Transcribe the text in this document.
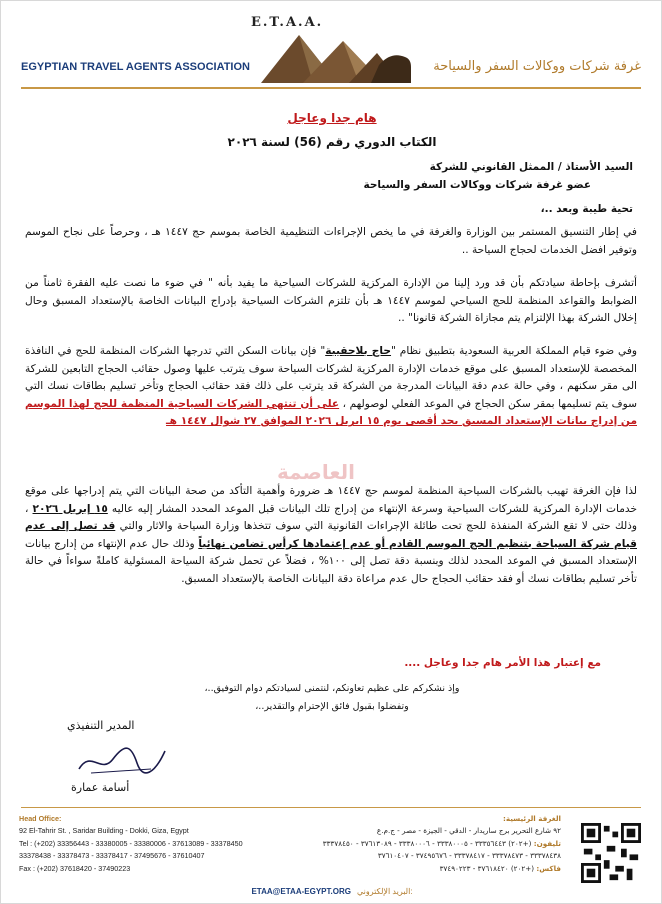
E.T.A.A.
EGYPTIAN TRAVEL AGENTS ASSOCIATION	غرفة شركات ووكالات السفر والسياحة
هام جدا وعاجل
الكتاب الدوري رقم (56) لسنة ٢٠٢٦
السيد الأستاذ / الممثل القانوني للشركة
عضو غرفة شركات ووكالات السفر والسياحة
تحية طيبة وبعد ..،
في إطار التنسيق المستمر بين الوزارة والغرفة في ما يخص الإجراءات التنظيمية الخاصة بموسم حج ١٤٤٧ هـ ، وحرصاً على نجاح الموسم وتوفير افضل الخدمات لحجاج السياحة ..
أتشرف بإحاطة سيادتكم بأن قد ورد إلينا من الإدارة المركزية للشركات السياحية ما يفيد بأنه " في ضوء ما نصت عليه الفقرة ثامناً من الضوابط والقواعد المنظمة للحج السياحي لموسم ١٤٤٧ هـ بأن تلتزم الشركات السياحية بإدراج البيانات الخاصة بالإستعداد المسبق وحال إخلال الشركة بهذا الإلتزام يتم مجازاة الشركة قانونا" ..
وفي ضوء قيام المملكة العربية السعودية بتطبيق نظام "حاج بلاحقيبة" فإن بيانات السكن التي تدرجها الشركات المنظمة للحج في النافذة المخصصة للإستعداد المسبق على موقع خدمات الإدارة المركزية لشركات السياحة سوف يترتب عليها وصول حقائب الحجاج التابعين للشركة الى مقر سكنهم ، وفي حالة عدم دقة البيانات المدرجة من الشركة قد يترتب على ذلك فقد حقائب الحجاج وتأخر تسليم بطاقات نسك التي سوف يتم تسليمها بمقر سكن الحجاج في الموعد الفعلي لوصولهم ، على أن تنتهي الشركات السياحية المنظمة للحج لهذا الموسم من إدراج بيانات الإستعداد المسبق بحد أقصى يوم ١٥ ابريل ٢٠٢٦ الموافق ٢٧ شوال ١٤٤٧ هـ
العاصمة
لذا فإن الغرفة تهيب بالشركات السياحية المنظمة لموسم حج ١٤٤٧ هـ ضرورة وأهمية التأكد من صحة البيانات التي يتم إدراجها على موقع خدمات الإدارة المركزية للشركات السياحية وسرعة الإنتهاء من إدراج تلك البيانات قبل الموعد المحدد المشار إليه عاليه ١٥ إبريل ٢٠٢٦ ، وذلك حتى لا تقع الشركة المنفذة للحج تحت طائلة الإجراءات القانونية التي سوف تتخذها وزارة السياحة والاثار والتي قد تصل إلى عدم قيام شركة السياحة بتنظيم الحج الموسم القادم أو عدم إعتمادها كرأس تضامن نهائياً وذلك حال عدم الإنتهاء من إدارج بيانات الإستعداد المسبق في الموعد المحدد لذلك وبنسبة دقة تصل إلى ١٠٠% ، فضلاً عن تحمل شركة السياحة المسئولية كاملةً سواءاً في حالة تأخر تسليم بطاقات نسك أو فقد حقائب الحجاج حال عدم مراعاة دقة البيانات الخاصة بالإستعداد المسبق.
مع إعتبار هذا الأمر هام جدا وعاجل ....
وإذ نشكركم على عظيم تعاونكم، لنتمنى لسيادتكم دوام التوفيق..،
وتفضلوا بقبول فائق الإحترام والتقدير..،
المدير التنفيذي
أسامة عمارة
Head Office:
92 El-Tahrir St. , Saridar Building - Dokki, Giza, Egypt
Tel : (+202) 33356443 - 33380005 - 33380006 - 37613089 - 33378450
33378438 - 33378473 - 33378417 - 37495676 - 37610407
Fax : (+202) 37618420 - 37490223
الغرفة الرئيسية:
٩٢ شارع التحرير برج ساريدار - الدقي - الجيزة - مصر - ج.م.ع
تليفون: (+٢٠٢) ٣٣٣٥٦٤٤٣ - ٣٣٣٨٠٠٠٥ - ٣٣٣٨٠٠٠٦ - ٣٧٦١٣٠٨٩ - ٣٣٣٧٨٤٥٠
٣٣٣٧٨٤٣٨ - ٣٣٣٧٨٤٧٣ - ٣٣٣٧٨٤١٧ - ٣٧٤٩٥٦٧٦ - ٣٧٦١٠٤٠٧
فاكس: (+٢٠٢) ٣٧٦١٨٤٢٠ - ٣٧٤٩٠٢٢٣
ETAA@ETAA-EGYPT.ORG البريد الإلكتروني:
